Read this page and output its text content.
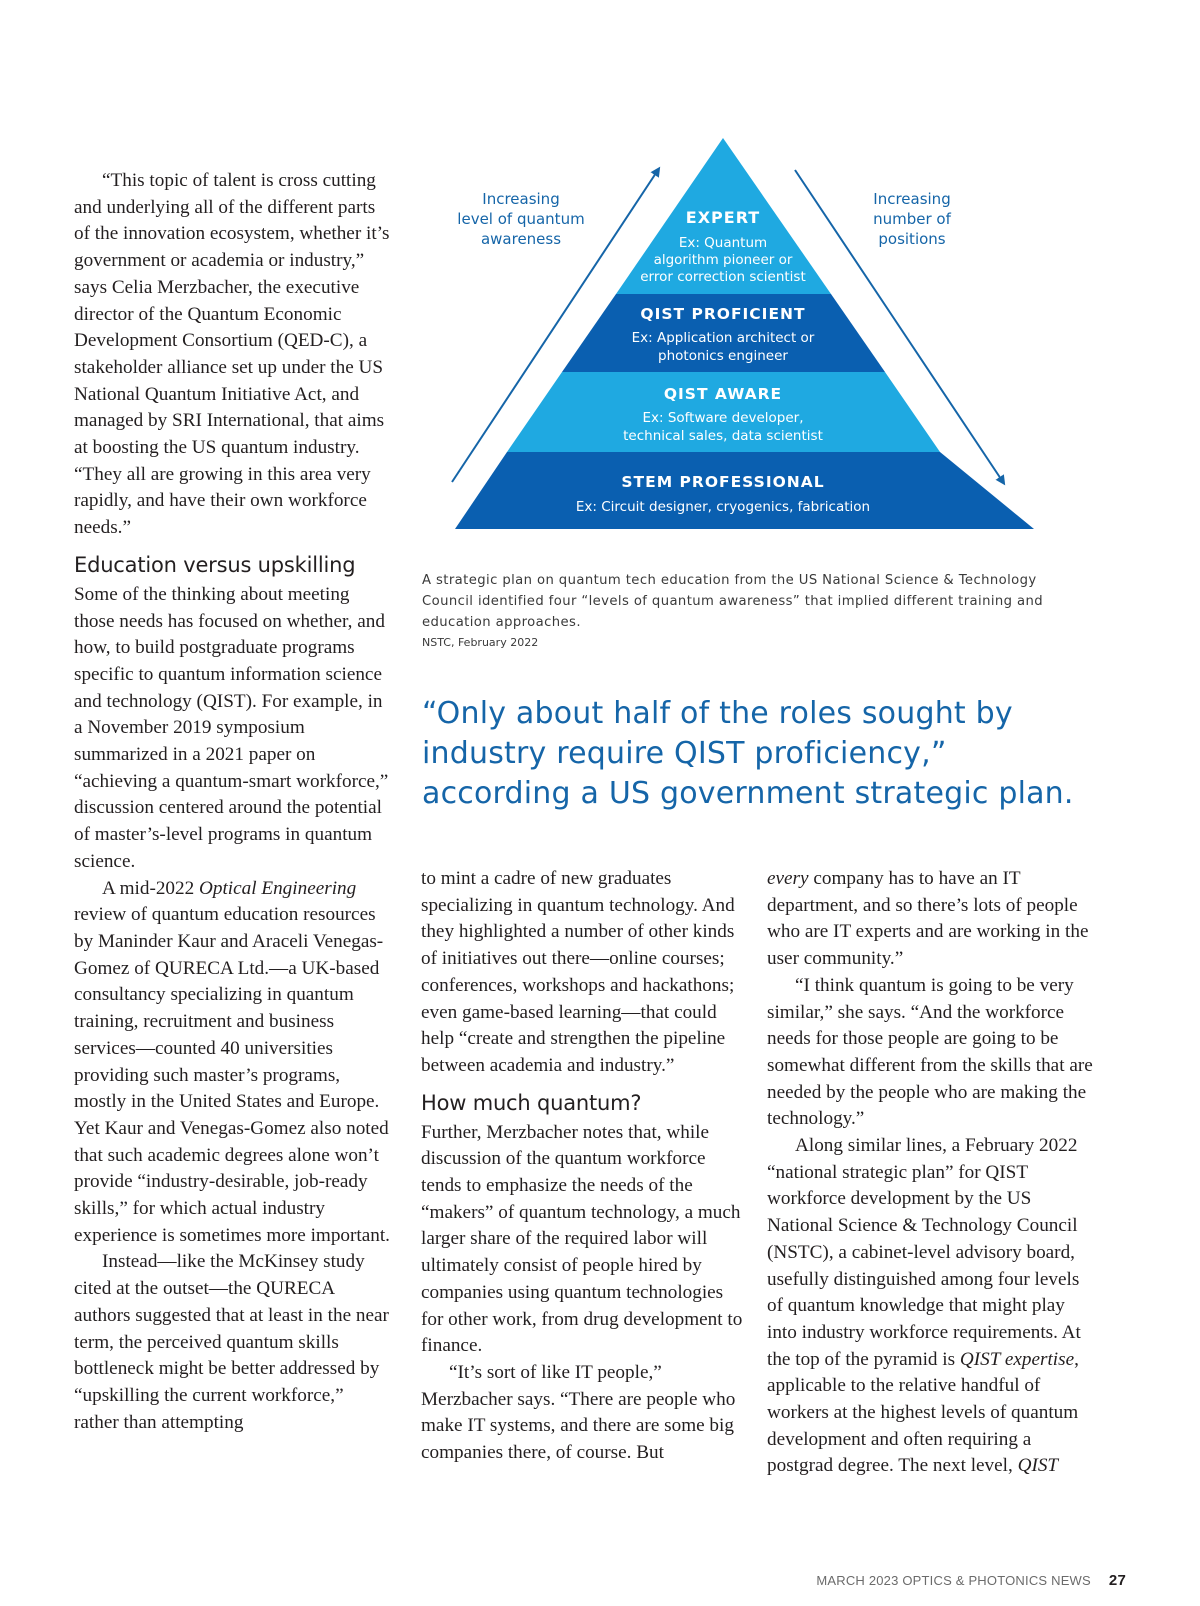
“This topic of talent is cross cutting and underlying all of the different parts of the innovation ecosystem, whether it’s government or academia or industry,” says Celia Merzbacher, the executive director of the Quantum Economic Development Consortium (QED-C), a stakeholder alliance set up under the US National Quantum Initiative Act, and managed by SRI International, that aims at boosting the US quantum industry. “They all are growing in this area very rapidly, and have their own workforce needs.”

Education versus upskilling

Some of the thinking about meeting those needs has focused on whether, and how, to build postgraduate programs specific to quantum information science and technology (QIST). For example, in a November 2019 symposium summarized in a 2021 paper on “achieving a quantum-smart workforce,” discussion centered around the potential of master’s-level programs in quantum science.

A mid-2022 Optical Engineering review of quantum education resources by Maninder Kaur and Araceli Venegas-Gomez of QURECA Ltd.—a UK-based consultancy specializing in quantum training, recruitment and business services—counted 40 universities providing such master’s programs, mostly in the United States and Europe. Yet Kaur and Venegas-Gomez also noted that such academic degrees alone won’t provide “industry-desirable, job-ready skills,” for which actual industry experience is sometimes more important.

Instead—like the McKinsey study cited at the outset—the QURECA authors suggested that at least in the near term, the perceived quantum skills bottleneck might be better addressed by “upskilling the current workforce,” rather than attempting

Increasing
level of quantum
awareness
Increasing
number of
positions
EXPERT
Ex: Quantum
algorithm pioneer or
error correction scientist
QIST PROFICIENT
Ex: Application architect or
photonics engineer
QIST AWARE
Ex: Software developer,
technical sales, data scientist
STEM PROFESSIONAL
Ex: Circuit designer, cryogenics, fabrication
A strategic plan on quantum tech education from the US National Science & Technology Council identified four “levels of quantum awareness” that implied different training and education approaches.
NSTC, February 2022
“Only about half of the roles sought by industry require QIST proficiency,” according a US government strategic plan.

to mint a cadre of new graduates specializing in quantum technology. And they highlighted a number of other kinds of initiatives out there—online courses; conferences, workshops and hackathons; even game-based learning—that could help “create and strengthen the pipeline between academia and industry.”

How much quantum?

Further, Merzbacher notes that, while discussion of the quantum workforce tends to emphasize the needs of the “makers” of quantum technology, a much larger share of the required labor will ultimately consist of people hired by companies using quantum technologies for other work, from drug development to finance.

“It’s sort of like IT people,” Merzbacher says. “There are people who make IT systems, and there are some big companies there, of course. But

every company has to have an IT department, and so there’s lots of people who are IT experts and are working in the user community.”

“I think quantum is going to be very similar,” she says. “And the workforce needs for those people are going to be somewhat different from the skills that are needed by the people who are making the technology.”

Along similar lines, a February 2022 “national strategic plan” for QIST workforce development by the US National Science & Technology Council (NSTC), a cabinet-level advisory board, usefully distinguished among four levels of quantum knowledge that might play into industry workforce requirements. At the top of the pyramid is QIST expertise, applicable to the relative handful of workers at the highest levels of quantum development and often requiring a postgrad degree. The next level, QIST

MARCH 2023 OPTICS & PHOTONICS NEWS 27
